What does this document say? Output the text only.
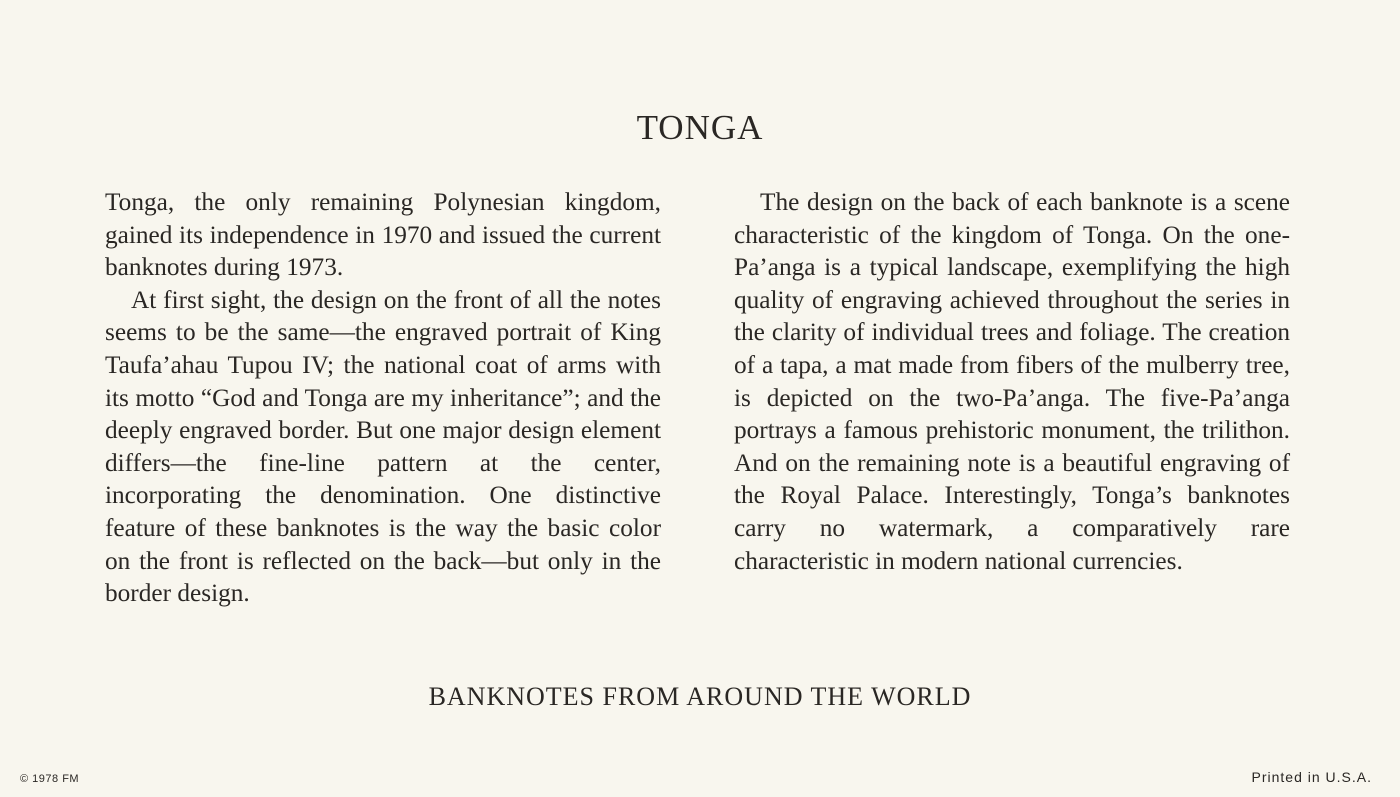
TONGA

Tonga, the only remaining Polynesian kingdom, gained its independence in 1970 and issued the current banknotes during 1973.

At first sight, the design on the front of all the notes seems to be the same—the engraved portrait of King Taufa’ahau Tupou IV; the national coat of arms with its motto “God and Tonga are my inheritance”; and the deeply engraved border. But one major design element differs—the fine-line pattern at the center, incorporating the denomination. One distinctive feature of these banknotes is the way the basic color on the front is reflected on the back—but only in the border design.

The design on the back of each banknote is a scene characteristic of the kingdom of Tonga. On the one-Pa’anga is a typical landscape, exemplifying the high quality of engraving achieved throughout the series in the clarity of individual trees and foliage. The creation of a tapa, a mat made from fibers of the mulberry tree, is depicted on the two-Pa’anga. The five-Pa’anga portrays a famous prehistoric monument, the trilithon. And on the remaining note is a beautiful engraving of the Royal Palace. Interestingly, Tonga’s banknotes carry no watermark, a comparatively rare characteristic in modern national currencies.

BANKNOTES FROM AROUND THE WORLD
© 1978 FM	Printed in U.S.A.
